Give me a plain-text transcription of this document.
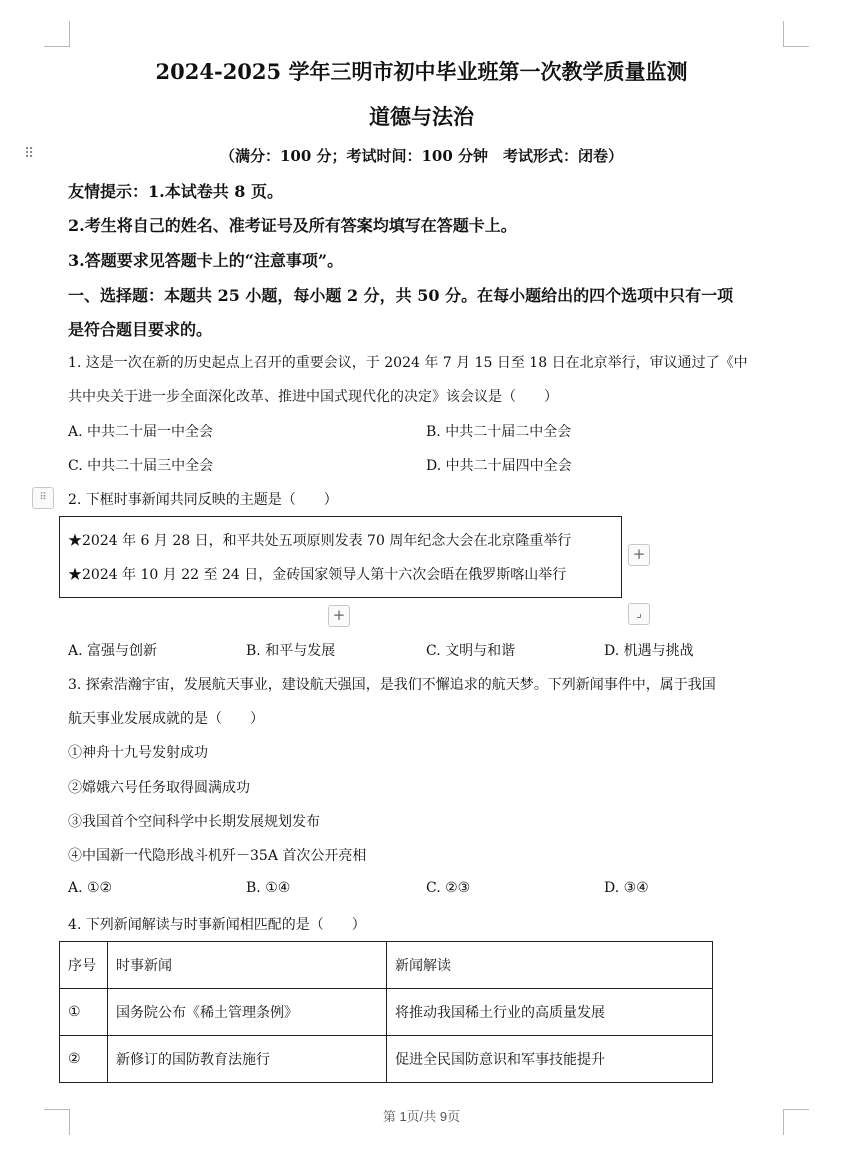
2024-2025 学年三明市初中毕业班第一次教学质量监测
道德与法治
⠿	（满分：100 分；考试时间：100 分钟　考试形式：闭卷）
友情提示：1.本试卷共 8 页。
2.考生将自己的姓名、准考证号及所有答案均填写在答题卡上。
3.答题要求见答题卡上的“注意事项”。
一、选择题：本题共 25 小题，每小题 2 分，共 50 分。在每小题给出的四个选项中只有一项
是符合题目要求的。
1. 这是一次在新的历史起点上召开的重要会议，于 2024 年 7 月 15 日至 18 日在北京举行，审议通过了《中
共中央关于进一步全面深化改革、推进中国式现代化的决定》该会议是（　　）
A. 中共二十届一中全会	B. 中共二十届二中全会
C. 中共二十届三中全会	D. 中共二十届四中全会
⠿	2. 下框时事新闻共同反映的主题是（　　）
★2024 年 6 月 28 日，和平共处五项原则发表 70 周年纪念大会在北京隆重举行
★2024 年 10 月 22 至 24 日，金砖国家领导人第十六次会晤在俄罗斯喀山举行
+
+	⌟
A. 富强与创新	B. 和平与发展	C. 文明与和谐	D. 机遇与挑战
3. 探索浩瀚宇宙，发展航天事业，建设航天强国，是我们不懈追求的航天梦。下列新闻事件中，属于我国
航天事业发展成就的是（　　）
①神舟十九号发射成功
②嫦娥六号任务取得圆满成功
③我国首个空间科学中长期发展规划发布
④中国新一代隐形战斗机歼－35A 首次公开亮相
A. ①②	B. ①④	C. ②③	D. ③④
4. 下列新闻解读与时事新闻相匹配的是（　　）
序号	时事新闻	新闻解读
①	国务院公布《稀土管理条例》	将推动我国稀土行业的高质量发展
②	新修订的国防教育法施行	促进全民国防意识和军事技能提升
第 1页/共 9页
